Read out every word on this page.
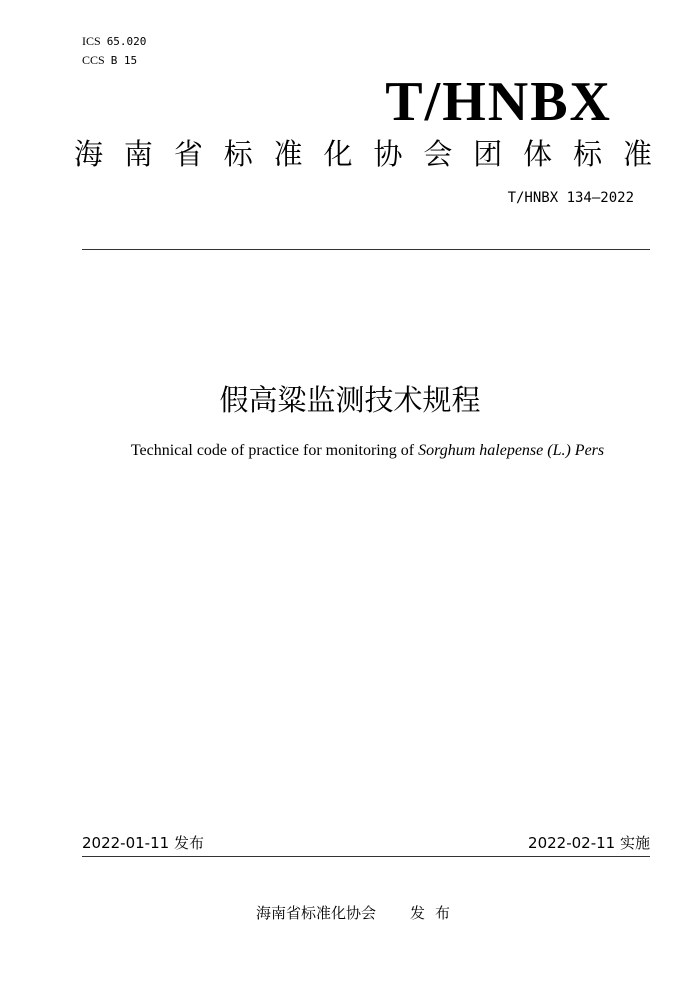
ICS 65.020
CCS B 15
T/HNBX
海 南 省 标 准 化 协 会 团 体 标 准
T/HNBX 134—2022
假高粱监测技术规程
Technical code of practice for monitoring of Sorghum halepense (L.) Pers
2022-01-11 发布	2022-02-11 实施
海南省标准化协会 发布
